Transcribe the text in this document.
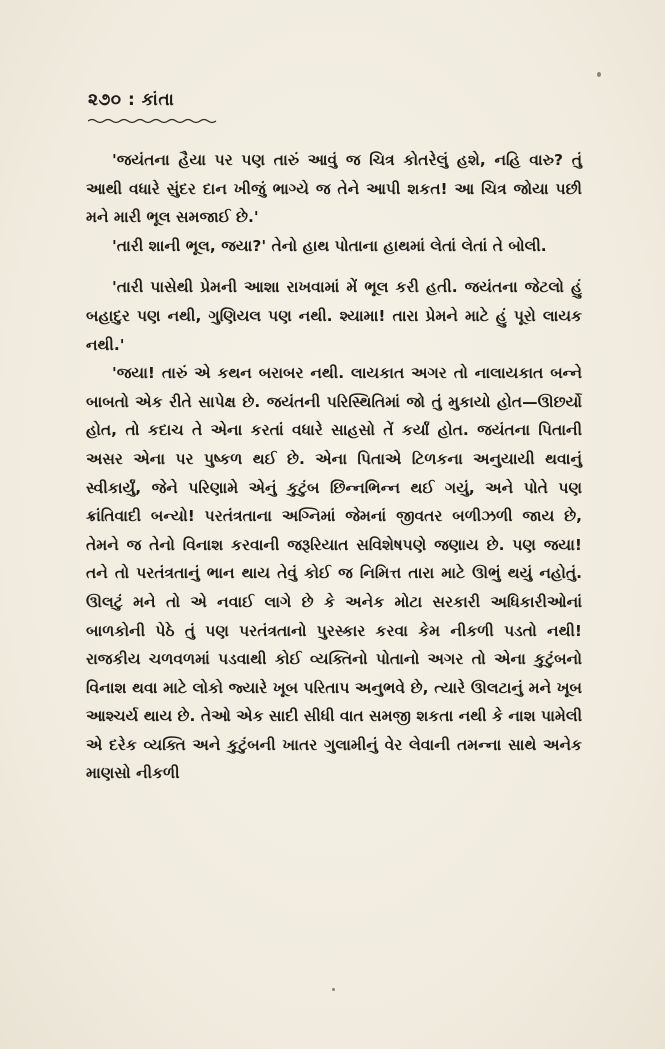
૨૭૦ : કાંતા

'જયંતના હૈયા પર પણ તારું આવું જ ચિત્ર કોતરેલું હશે, નહિ વારુ? તું આથી વધારે સુંદર દાન ખીજું ભાગ્યે જ તેને આપી શકત! આ ચિત્ર જોયા પછી મને મારી ભૂલ સમજાઈ છે.'

'તારી શાની ભૂલ, જયા?' તેનો હાથ પોતાના હાથમાં લેતાં લેતાં તે બોલી.

'તારી પાસેથી પ્રેમની આશા રાખવામાં મેં ભૂલ કરી હતી. જયંતના જેટલો હું બહાદુર પણ નથી, ગુણિયલ પણ નથી. શ્યામા! તારા પ્રેમને માટે હું પૂરો લાયક નથી.'

'જયા! તારું એ કથન બરાબર નથી. લાયકાત અગર તો નાલાયકાત બન્ને બાબતો એક રીતે સાપેક્ષ છે. જયંતની પરિસ્થિતિમાં જો તું મુકાયો હોત—ઊછર્યો હોત, તો કદાચ તે એના કરતાં વધારે સાહસો તેં કર્યાં હોત. જયંતના પિતાની અસર એના પર પુષ્કળ થઈ છે. એના પિતાએ ટિળકના અનુયાયી થવાનું સ્વીકાર્યું, જેને પરિણામે એનું કુટુંબ છિન્નભિન્ન થઈ ગયું, અને પોતે પણ ક્રાંતિવાદી બન્યો! પરતંત્રતાના અગ્નિમાં જેમનાં જીવતર બળીઝળી જાય છે, તેમને જ તેનો વિનાશ કરવાની જરૂરિયાત સવિશેષપણે જણાય છે. પણ જયા! તને તો પરતંત્રતાનું ભાન થાય તેવું કોઈ જ નિમિત્ત તારા માટે ઊભું થયું નહોતું. ઊલટું મને તો એ નવાઈ લાગે છે કે અનેક મોટા સરકારી અધિકારીઓનાં બાળકોની પેઠે તું પણ પરતંત્રતાનો પુરસ્કાર કરવા કેમ નીકળી પડતો નથી! રાજકીય ચળવળમાં પડવાથી કોઈ વ્યક્તિનો પોતાનો અગર તો એના કુટુંબનો વિનાશ થવા માટે લોકો જ્યારે ખૂબ પરિતાપ અનુભવે છે, ત્યારે ઊલટાનું મને ખૂબ આશ્ચર્ય થાય છે. તેઓ એક સાદી સીધી વાત સમજી શકતા નથી કે નાશ પામેલી એ દરેક વ્યક્તિ અને કુટુંબની ખાતર ગુલામીનું વેર લેવાની તમન્ના સાથે અનેક માણસો નીકળી
